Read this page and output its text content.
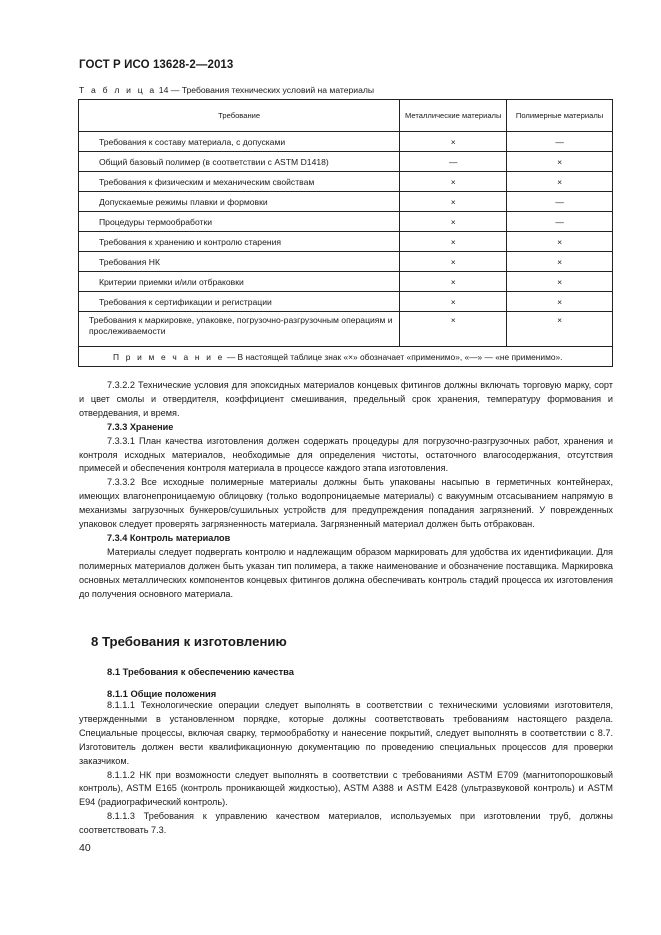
ГОСТ Р ИСО 13628-2—2013
Т а б л и ц а 14 — Требования технических условий на материалы
Требование	Металлические материалы	Полимерные материалы
Требования к составу материала, с допусками	×	—
Общий базовый полимер (в соответствии с ASTM D1418)	—	×
Требования к физическим и механическим свойствам	×	×
Допускаемые режимы плавки и формовки	×	—
Процедуры термообработки	×	—
Требования к хранению и контролю старения	×	×
Требования НК	×	×
Критерии приемки и/или отбраковки	×	×
Требования к сертификации и регистрации	×	×
Требования к маркировке, упаковке, погрузочно-разгрузочным операциям и прослеживаемости	×	×
П р и м е ч а н и е — В настоящей таблице знак «×» обозначает «применимо», «—» — «не применимо».		

7.3.2.2 Технические условия для эпоксидных материалов концевых фитингов должны включать торговую марку, сорт и цвет смолы и отвердителя, коэффициент смешивания, предельный срок хранения, температуру формования и отвердевания, и время.

7.3.3 Хранение

7.3.3.1 План качества изготовления должен содержать процедуры для погрузочно-разгрузочных работ, хранения и контроля исходных материалов, необходимые для определения чистоты, остаточного влагосодержания, отсутствия примесей и обеспечения контроля материала в процессе каждого этапа изготовления.

7.3.3.2 Все исходные полимерные материалы должны быть упакованы насыпью в герметичных контейнерах, имеющих влагонепроницаемую облицовку (только водопроницаемые материалы) с вакуумным отсасыванием напрямую в механизмы загрузочных бункеров/сушильных устройств для предупреждения попадания загрязнений. У поврежденных упаковок следует проверять загрязненность материала. Загрязненный материал должен быть отбракован.

7.3.4 Контроль материалов

Материалы следует подвергать контролю и надлежащим образом маркировать для удобства их идентификации. Для полимерных материалов должен быть указан тип полимера, а также наименование и обозначение поставщика. Маркировка основных металлических компонентов концевых фитингов должна обеспечивать контроль стадий процесса их изготовления до получения основного материала.

8 Требования к изготовлению
8.1 Требования к обеспечению качества
8.1.1 Общие положения

8.1.1.1 Технологические операции следует выполнять в соответствии с техническими условиями изготовителя, утвержденными в установленном порядке, которые должны соответствовать требованиям настоящего раздела. Специальные процессы, включая сварку, термообработку и нанесение покрытий, следует выполнять в соответствии с 8.7. Изготовитель должен вести квалификационную документацию по проведению специальных процессов для проверки заказчиком.

8.1.1.2 НК при возможности следует выполнять в соответствии с требованиями ASTM E709 (магнитопорошковый контроль), ASTM E165 (контроль проникающей жидкостью), ASTM A388 и ASTM E428 (ультразвуковой контроль) и ASTM E94 (радиографический контроль).

8.1.1.3 Требования к управлению качеством материалов, используемых при изготовлении труб, должны соответствовать 7.3.

40
